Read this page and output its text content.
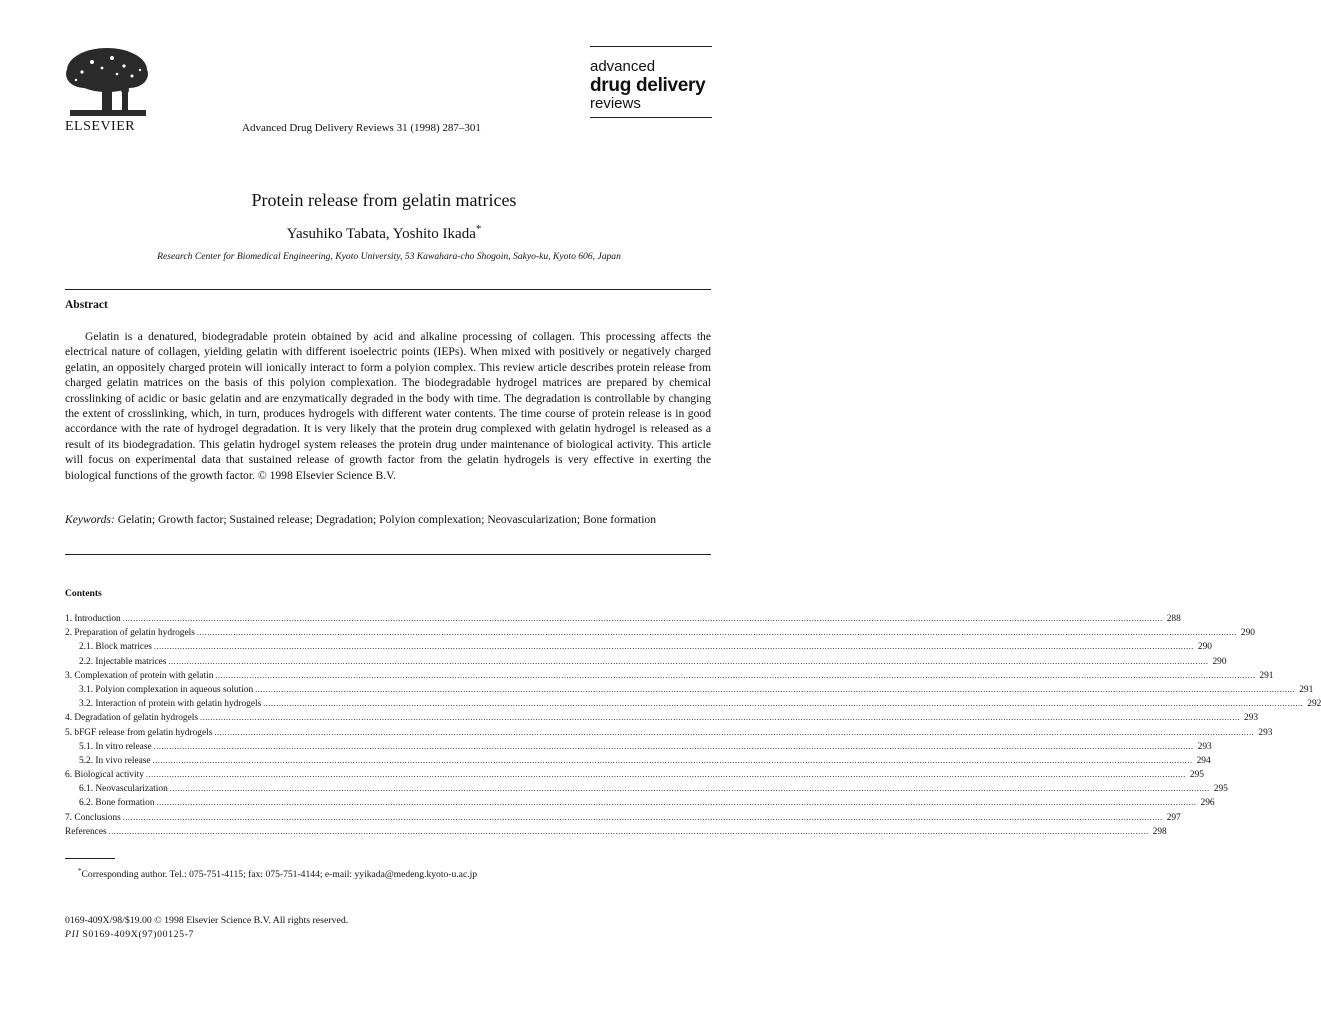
ELSEVIER	Advanced Drug Delivery Reviews 31 (1998) 287–301
advanced
drug delivery
reviews
Protein release from gelatin matrices
Yasuhiko Tabata, Yoshito Ikada*
Research Center for Biomedical Engineering, Kyoto University, 53 Kawahara-cho Shogoin, Sakyo-ku, Kyoto 606, Japan
Abstract
Gelatin is a denatured, biodegradable protein obtained by acid and alkaline processing of collagen. This processing affects the electrical nature of collagen, yielding gelatin with different isoelectric points (IEPs). When mixed with positively or negatively charged gelatin, an oppositely charged protein will ionically interact to form a polyion complex. This review article describes protein release from charged gelatin matrices on the basis of this polyion complexation. The biodegradable hydrogel matrices are prepared by chemical crosslinking of acidic or basic gelatin and are enzymatically degraded in the body with time. The degradation is controllable by changing the extent of crosslinking, which, in turn, produces hydrogels with different water contents. The time course of protein release is in good accordance with the rate of hydrogel degradation. It is very likely that the protein drug complexed with gelatin hydrogel is released as a result of its biodegradation. This gelatin hydrogel system releases the protein drug under maintenance of biological activity. This article will focus on experimental data that sustained release of growth factor from the gelatin hydrogels is very effective in exerting the biological functions of the growth factor. © 1998 Elsevier Science B.V.
Keywords: Gelatin; Growth factor; Sustained release; Degradation; Polyion complexation; Neovascularization; Bone formation
Contents
1. Introduction ................................................................................................................................................................................................................................................................................................................................................................................................................ 288
2. Preparation of gelatin hydrogels ................................................................................................................................................................................................................................................................................................................................................................................................................ 290
2.1. Block matrices ................................................................................................................................................................................................................................................................................................................................................................................................................ 290
2.2. Injectable matrices ................................................................................................................................................................................................................................................................................................................................................................................................................ 290
3. Complexation of protein with gelatin ................................................................................................................................................................................................................................................................................................................................................................................................................ 291
3.1. Polyion complexation in aqueous solution ................................................................................................................................................................................................................................................................................................................................................................................................................ 291
3.2. Interaction of protein with gelatin hydrogels ................................................................................................................................................................................................................................................................................................................................................................................................................ 292
4. Degradation of gelatin hydrogels ................................................................................................................................................................................................................................................................................................................................................................................................................ 293
5. bFGF release from gelatin hydrogels ................................................................................................................................................................................................................................................................................................................................................................................................................ 293
5.1. In vitro release ................................................................................................................................................................................................................................................................................................................................................................................................................ 293
5.2. In vivo release ................................................................................................................................................................................................................................................................................................................................................................................................................ 294
6. Biological activity ................................................................................................................................................................................................................................................................................................................................................................................................................ 295
6.1. Neovascularization ................................................................................................................................................................................................................................................................................................................................................................................................................ 295
6.2. Bone formation ................................................................................................................................................................................................................................................................................................................................................................................................................ 296
7. Conclusions ................................................................................................................................................................................................................................................................................................................................................................................................................ 297
References ................................................................................................................................................................................................................................................................................................................................................................................................................ 298
*Corresponding author. Tel.: 075-751-4115; fax: 075-751-4144; e-mail: yyikada@medeng.kyoto-u.ac.jp
0169-409X/98/$19.00 © 1998 Elsevier Science B.V. All rights reserved.
PII S0169-409X(97)00125-7
